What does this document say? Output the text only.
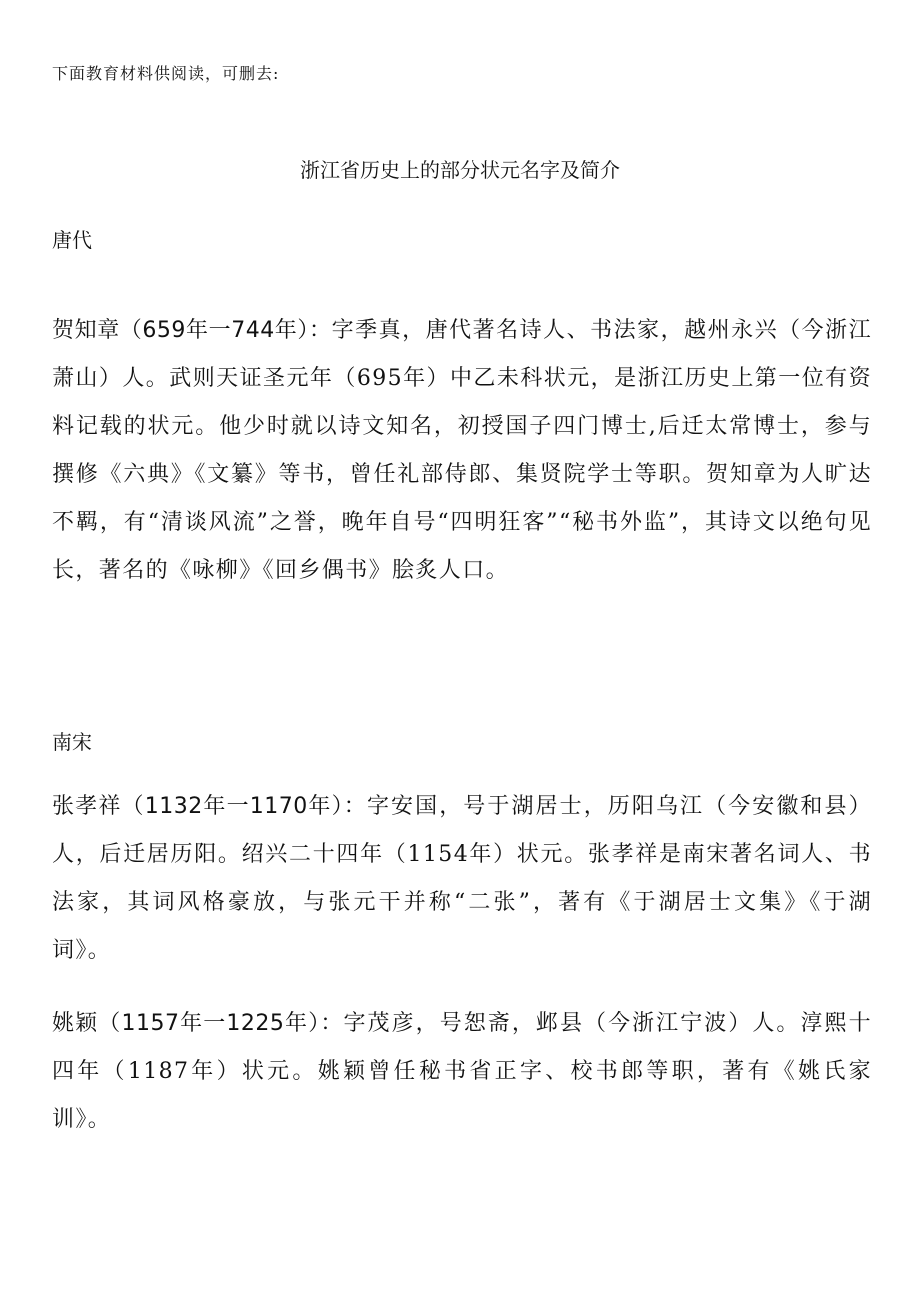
下面教育材料供阅读，可删去:
浙江省历史上的部分状元名字及简介
唐代
贺知章（659年一744年）：字季真，唐代著名诗人、书法家，越州永兴（今浙江萧山）人。武则天证圣元年（695年）中乙未科状元，是浙江历史上第一位有资料记载的状元。他少时就以诗文知名，初授国子四门博士,后迁太常博士，参与撰修《六典》《文纂》等书，曾任礼部侍郎、集贤院学士等职。贺知章为人旷达不羁，有“清谈风流”之誉，晚年自号“四明狂客”“秘书外监”，其诗文以绝句见长，著名的《咏柳》《回乡偶书》脍炙人口。
南宋
张孝祥（1132年一1170年）：字安国，号于湖居士，历阳乌江（今安徽和县）人，后迁居历阳。绍兴二十四年（1154年）状元。张孝祥是南宋著名词人、书法家，其词风格豪放，与张元干并称“二张”，著有《于湖居士文集》《于湖词》。
姚颖（1157年一1225年）：字茂彦，号恕斋，邺县（今浙江宁波）人。淳熙十四年（1187年）状元。姚颖曾任秘书省正字、校书郎等职，著有《姚氏家训》。
